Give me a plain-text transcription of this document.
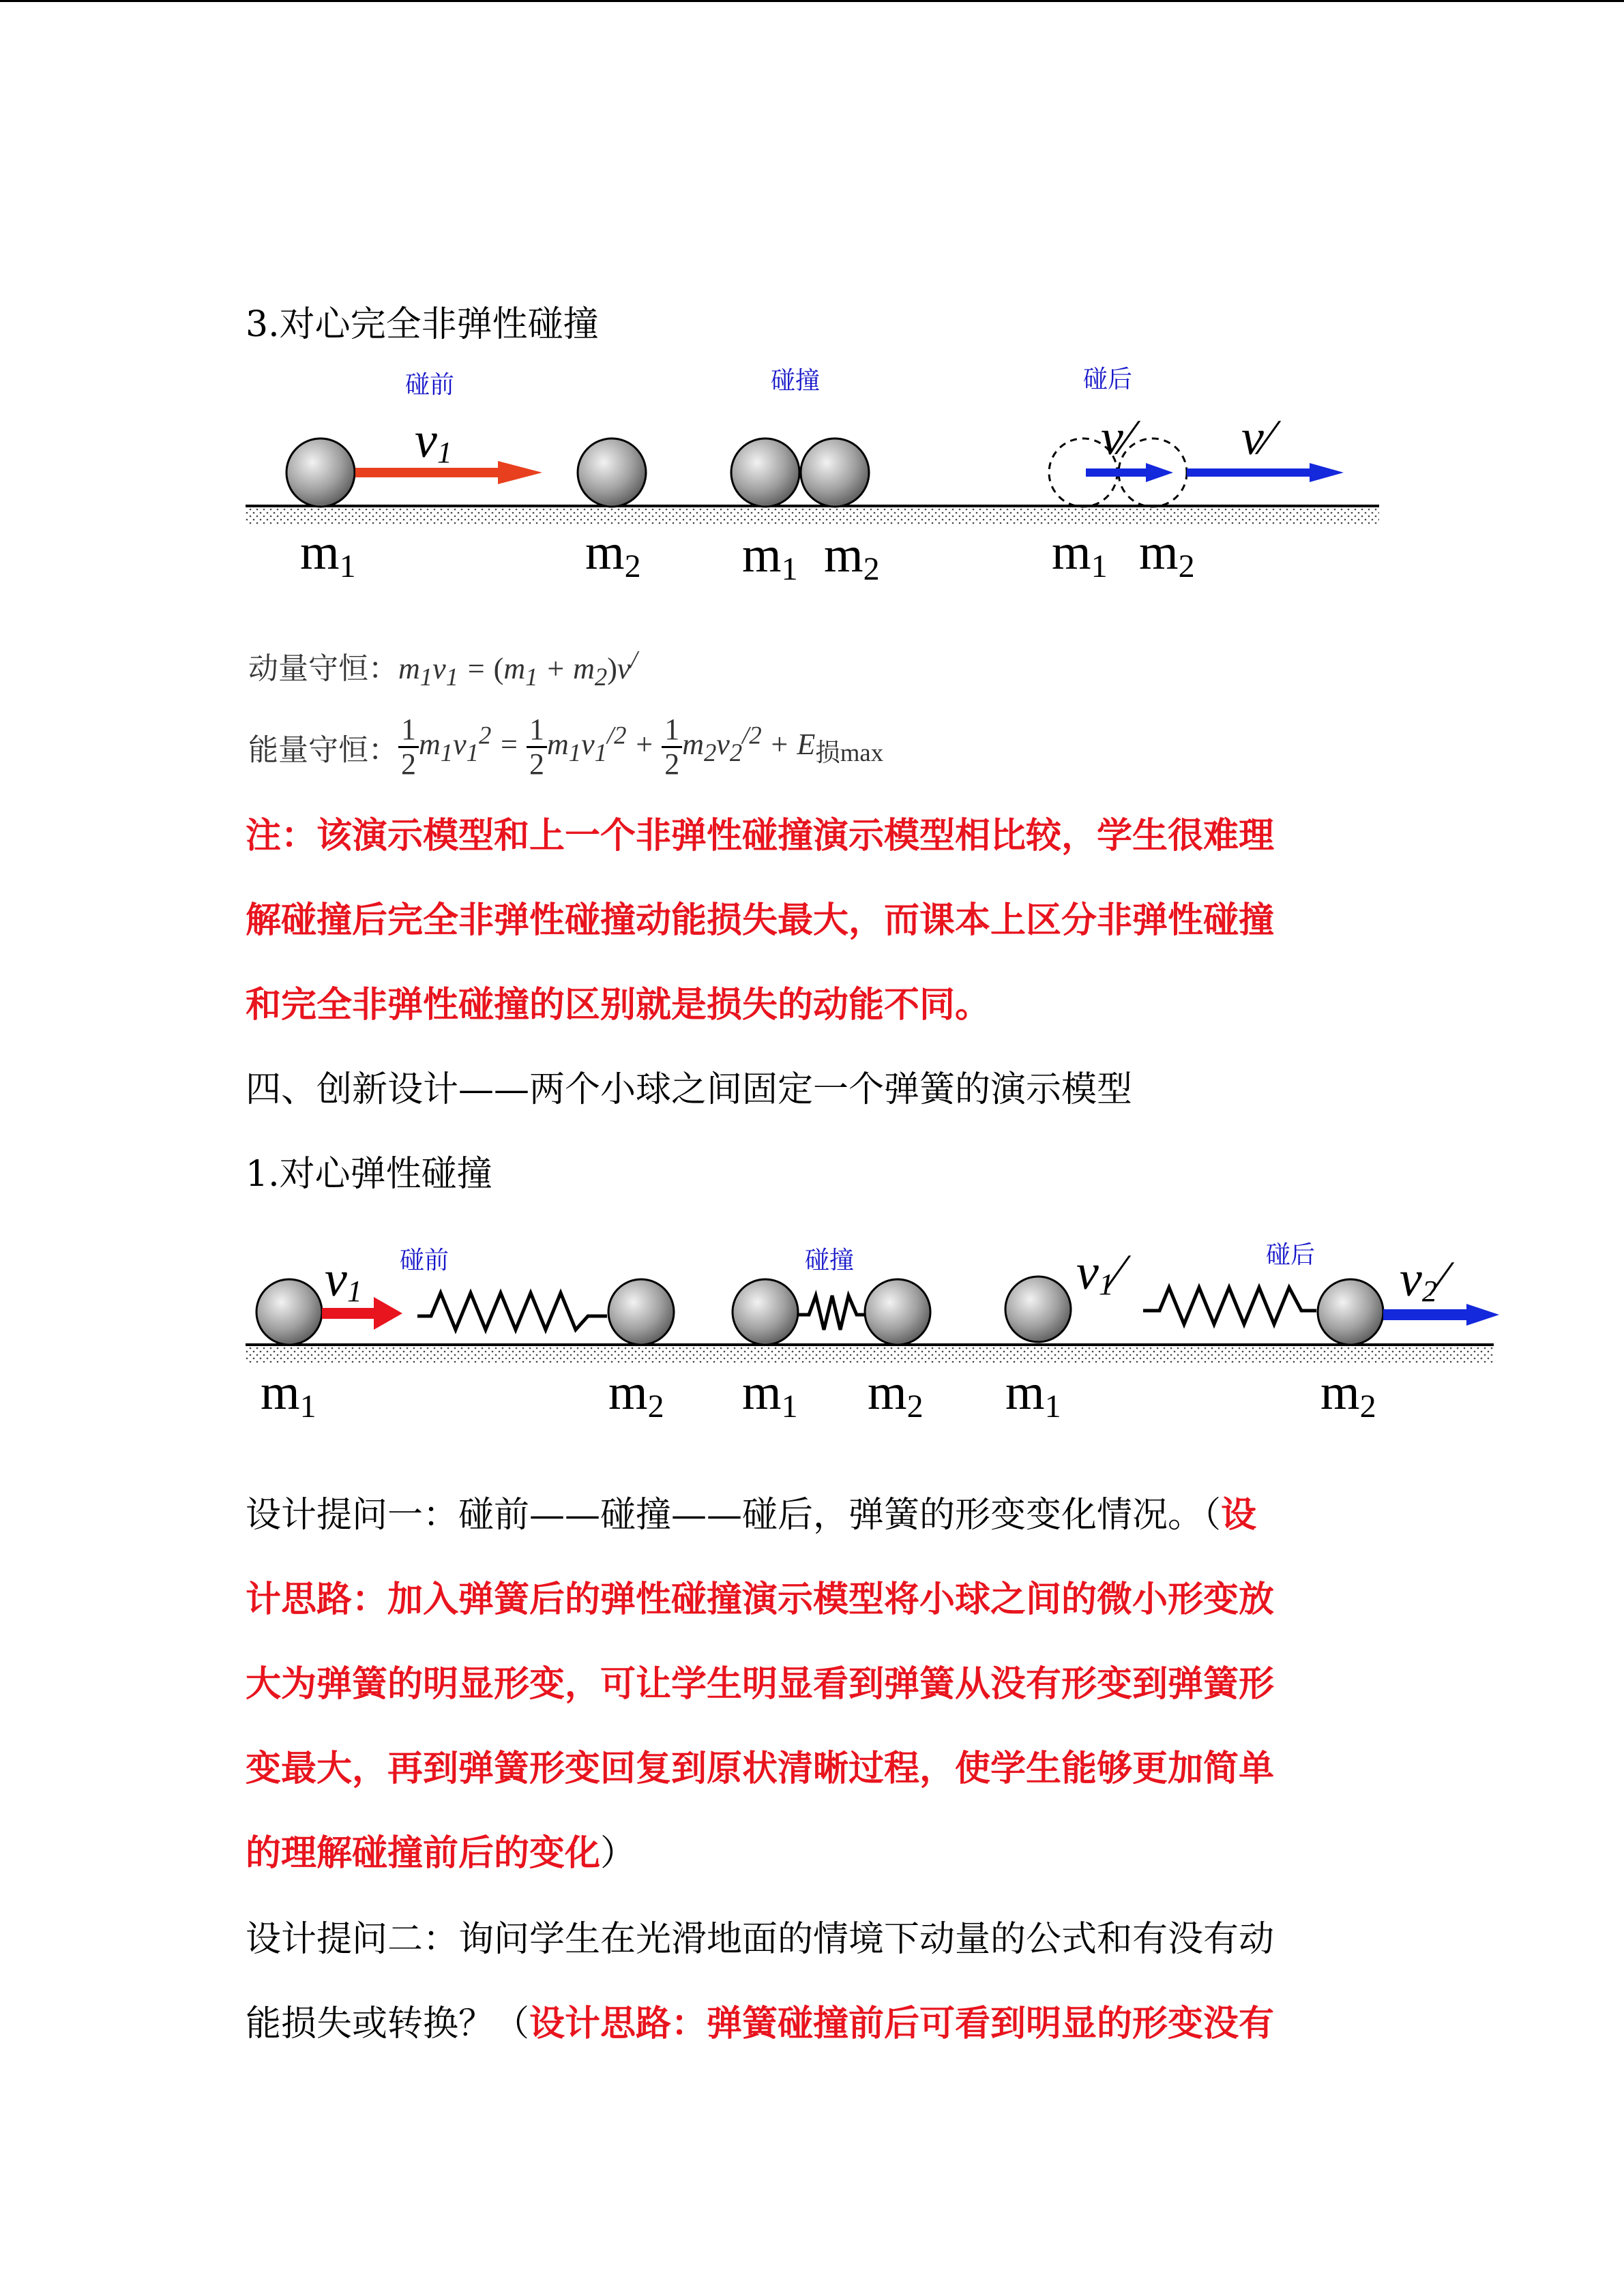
3.对心完全非弹性碰撞

碰前	碰撞	碰后
$v_1$	v⁄ v⁄
$m_1$	$m_2$ $m_1$ $m_2$	$m_1$ $m_2$
动量守恒：$m_1v_1 = (m_1 + m_2)v^/$
能量守恒： $\frac{1}{2} m_1v_1^2 = \frac{1}{2} m_1v_1^{/2} + \frac{1}{2} m_2v_2^{/2} + E_{损max}$

注：该演示模型和上一个非弹性碰撞演示模型相比较，学生很难理

解碰撞后完全非弹性碰撞动能损失最大，而课本上区分非弹性碰撞

和完全非弹性碰撞的区别就是损失的动能不同。

四、创新设计——两个小球之间固定一个弹簧的演示模型

1.对心弹性碰撞

碰前	碰撞	碰后
$v_1$	$v_1⁄$	$v_2⁄$
$m_1$	$m_2$ $m_1$ $m_2$ $m_1$	$m_2$

设计提问一：碰前——碰撞——碰后，弹簧的形变变化情况。（设

计思路：加入弹簧后的弹性碰撞演示模型将小球之间的微小形变放

大为弹簧的明显形变，可让学生明显看到弹簧从没有形变到弹簧形

变最大，再到弹簧形变回复到原状清晰过程，使学生能够更加简单

的理解碰撞前后的变化）

设计提问二：询问学生在光滑地面的情境下动量的公式和有没有动

能损失或转换？（设计思路：弹簧碰撞前后可看到明显的形变没有
